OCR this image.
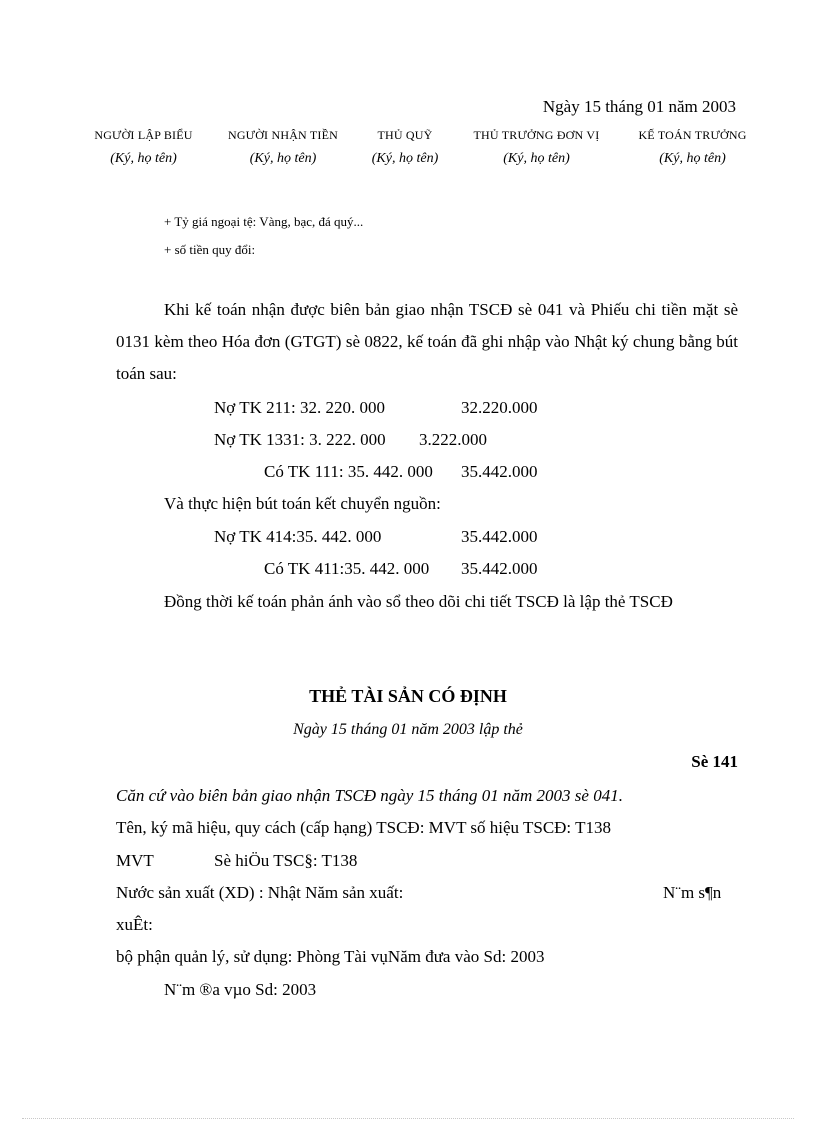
Ngày 15 tháng 01 năm 2003
NGƯỜI LẬP BIỂU
(Ký, họ tên)
NGƯỜI NHẬN TIỀN
(Ký, họ tên)
THỦ QUỸ
(Ký, họ tên)
THỦ TRƯỞNG ĐƠN VỊ
(Ký, họ tên)
KẾ TOÁN TRƯỞNG
(Ký, họ tên)
+ Tỷ giá ngoại tệ: Vàng, bạc, đá quý...
+ số tiền quy đổi:
Khi kế toán nhận được biên bản giao nhận TSCĐ sè 041 và Phiếu chi tiền mặt sè 0131 kèm theo Hóa đơn (GTGT) sè 0822, kế toán đã ghi nhập vào Nhật ký chung bằng bút toán sau:
Nợ TK 211: 32. 220. 000	32.220.000
Nợ TK 1331: 3. 222. 000 3.222.000
Có TK 111: 35. 442. 000 35.442.000
Và thực hiện bút toán kết chuyển nguồn:
Nợ TK 414:35. 442. 000	35.442.000
Có TK 411:35. 442. 000 35.442.000
Đồng thời kế toán phản ánh vào sổ theo dõi chi tiết TSCĐ là lập thẻ TSCĐ
THẺ TÀI SẢN CÓ ĐỊNH
Ngày 15 tháng 01 năm 2003 lập thẻ
Sè 141
Căn cứ vào biên bản giao nhận TSCĐ ngày 15 tháng 01 năm 2003 sè 041.
Tên, ký mã hiệu, quy cách (cấp hạng) TSCĐ: MVT số hiệu TSCĐ: T138
MVT	Sè hiÖu TSC§: T138
Nước sản xuất (XD) : Nhật Năm sản xuất:	N¨m s¶n
xuÊt:
bộ phận quản lý, sử dụng: Phòng Tài vụNăm đưa vào Sd: 2003
N¨m ®a vµo Sd: 2003
